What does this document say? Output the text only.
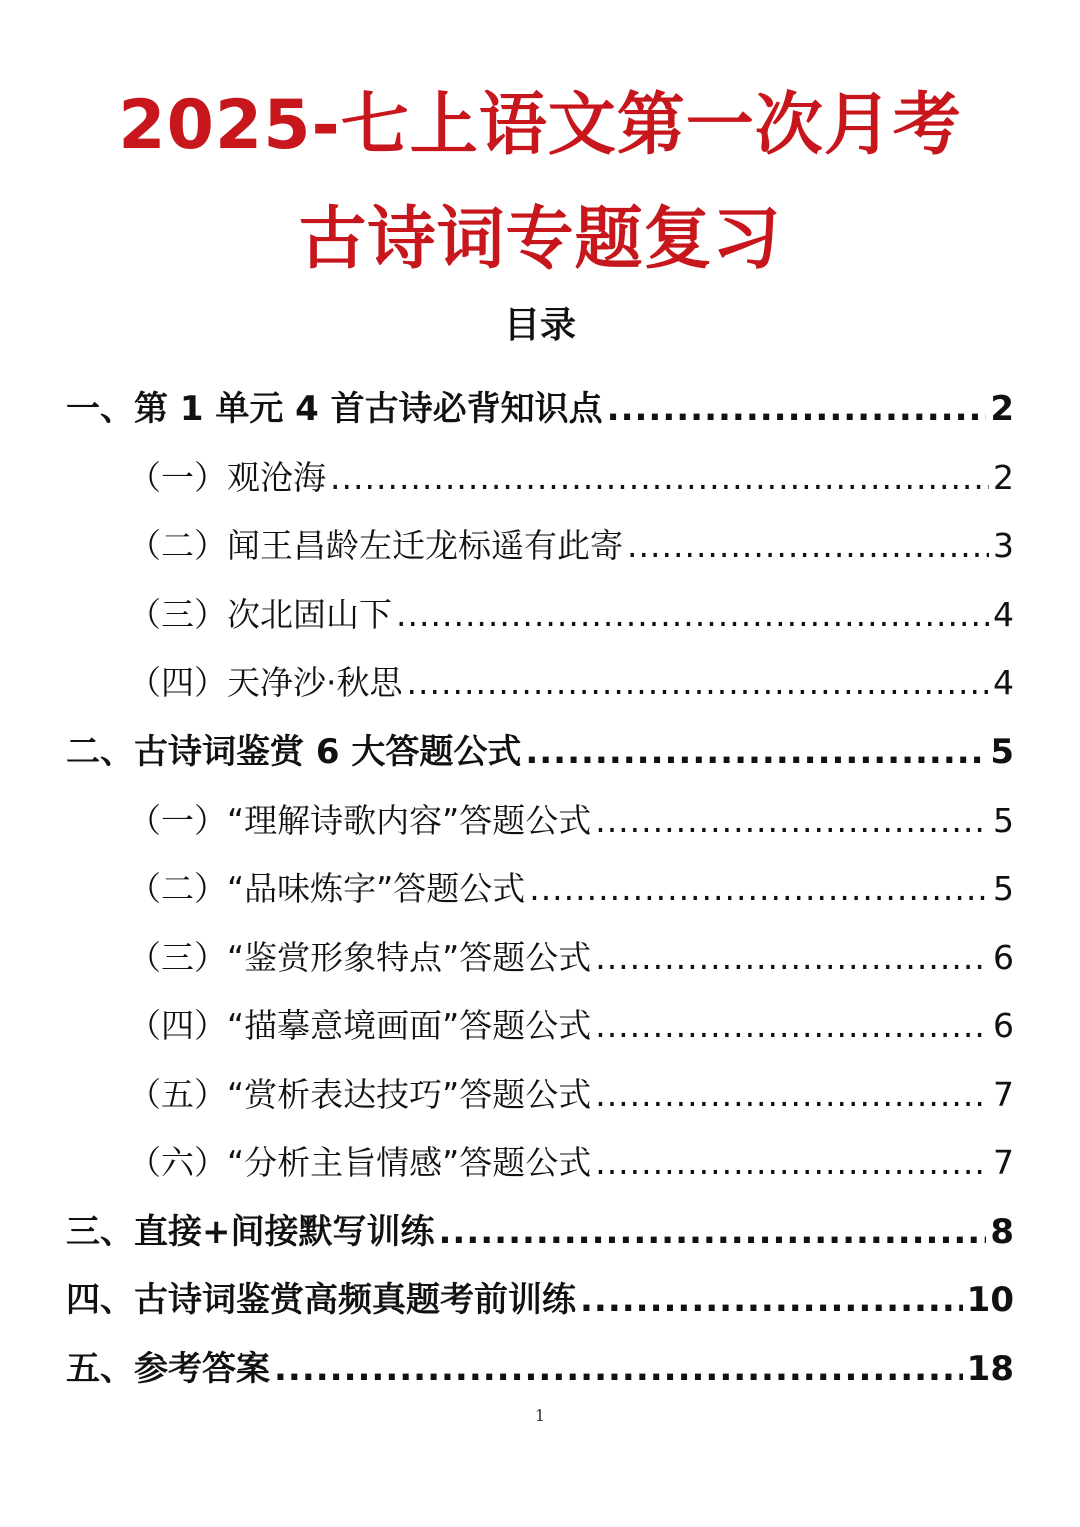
2025-七上语文第一次月考
古诗词专题复习
目录
一、第 1 单元 4 首古诗必背知识点 .....	2
（一）观沧海 .....	2
（二）闻王昌龄左迁龙标遥有此寄 .....	3
（三）次北固山下 .....	4
（四）天净沙·秋思 .....	4
二、古诗词鉴赏 6 大答题公式 .....	5
（一）“理解诗歌内容”答题公式 .....	5
（二）“品味炼字”答题公式 .....	5
（三）“鉴赏形象特点”答题公式 .....	6
（四）“描摹意境画面”答题公式 .....	6
（五）“赏析表达技巧”答题公式 .....	7
（六）“分析主旨情感”答题公式 .....	7
三、直接+间接默写训练 .....	8
四、古诗词鉴赏高频真题考前训练 .....	10
五、参考答案 .....	18
1
